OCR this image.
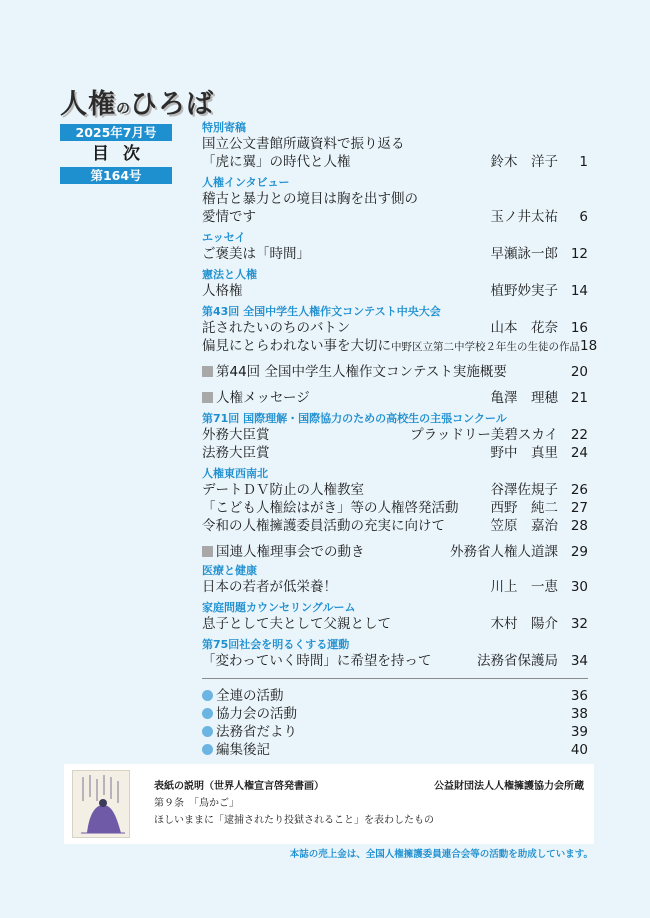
人権のひろば
2025年7月号
目次
第164号
特別寄稿
国立公文書館所蔵資料で振り返る
「虎に翼」の時代と人権	鈴木　洋子	1
人権インタビュー
稽古と暴力との境目は胸を出す側の
愛情です	玉ノ井太祐	6
エッセイ
ご褒美は「時間」	早瀬詠一郎 12
憲法と人権
人格権	植野妙実子 14
第43回 全国中学生人権作文コンテスト中央大会
託されたいのちのバトン	山本　花奈 16
偏見にとらわれない事を大切に 中野区立第二中学校２年生の生徒の作品 18
第44回 全国中学生人権作文コンテスト実施概要	20
人権メッセージ	亀澤　理穂 21
第71回 国際理解・国際協力のための高校生の主張コンクール
外務大臣賞	プラッドリー美碧スカイ 22
法務大臣賞	野中　真里 24
人権東西南北
デートＤＶ防止の人権教室	谷澤佐規子 26
「こども人権絵はがき」等の人権啓発活動	西野　純二 27
令和の人権擁護委員活動の充実に向けて	笠原　嘉治 28
国連人権理事会での動き	外務省人権人道課 29
医療と健康
日本の若者が低栄養！	川上　一恵 30
家庭問題カウンセリングルーム
息子として夫として父親として	木村　陽介 32
第75回社会を明るくする運動
「変わっていく時間」に希望を持って	法務省保護局 34
全連の活動	36
協力会の活動	38
法務省だより	39
編集後記	40
表紙の説明（世界人権宣言啓発書画）	公益財団法人人権擁護協力会所蔵
第９条　「鳥かご」
ほしいままに「逮捕されたり投獄されること」を表わしたもの
本誌の売上金は、全国人権擁護委員連合会等の活動を助成しています。
